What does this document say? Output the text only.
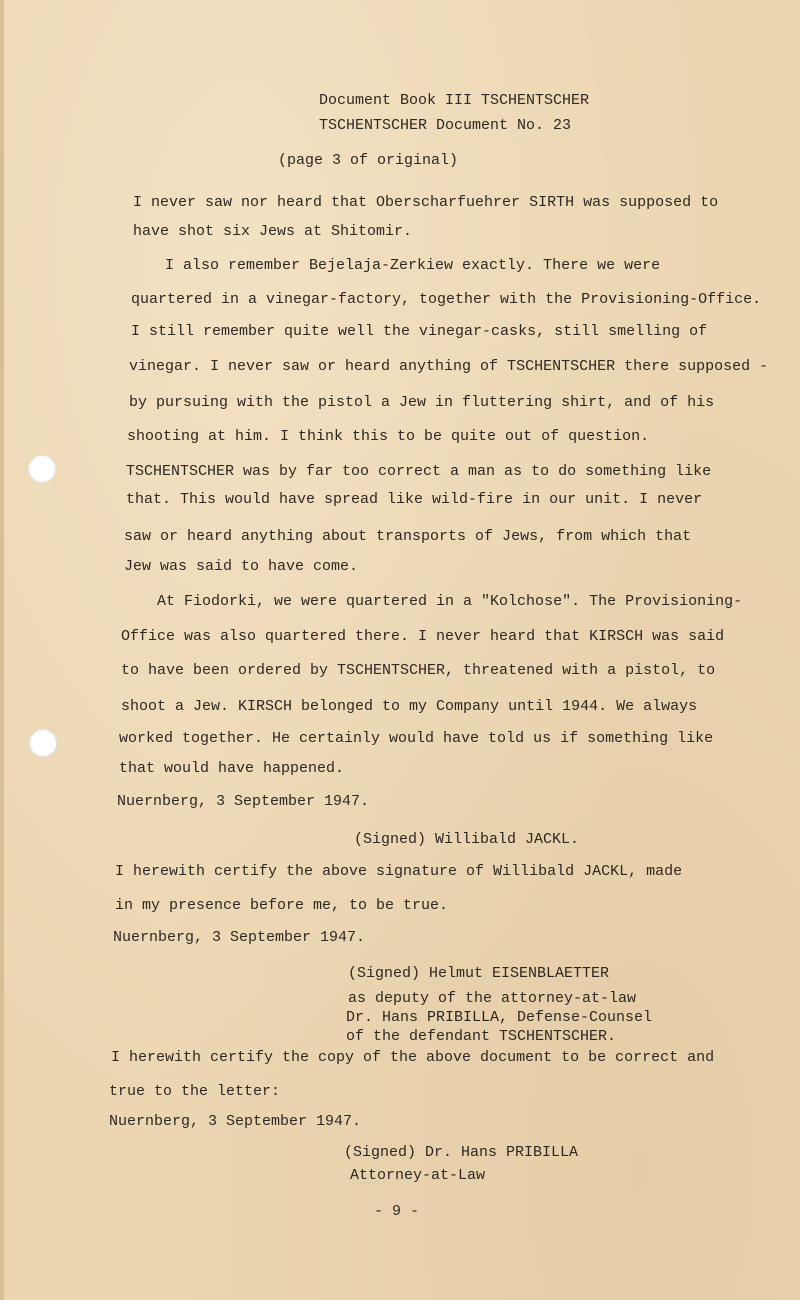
Document Book III TSCHENTSCHER
TSCHENTSCHER Document No. 23
(page 3 of original)
I never saw nor heard that Oberscharfuehrer SIRTH was supposed to
have shot six Jews at Shitomir.
I also remember Bejelaja-Zerkiew exactly. There we were
quartered in a vinegar-factory, together with the Provisioning-Office.
I still remember quite well the vinegar-casks, still smelling of
vinegar. I never saw or heard anything of TSCHENTSCHER there supposed -
by pursuing with the pistol a Jew in fluttering shirt, and of his
shooting at him. I think this to be quite out of question.
TSCHENTSCHER was by far too correct a man as to do something like
that. This would have spread like wild-fire in our unit. I never
saw or heard anything about transports of Jews, from which that
Jew was said to have come.
At Fiodorki, we were quartered in a "Kolchose". The Provisioning-
Office was also quartered there. I never heard that KIRSCH was said
to have been ordered by TSCHENTSCHER, threatened with a pistol, to
shoot a Jew. KIRSCH belonged to my Company until 1944. We always
worked together. He certainly would have told us if something like
that would have happened.
Nuernberg, 3 September 1947.
(Signed) Willibald JACKL.
I herewith certify the above signature of Willibald JACKL, made
in my presence before me, to be true.
Nuernberg, 3 September 1947.
(Signed) Helmut EISENBLAETTER
as deputy of the attorney-at-law
Dr. Hans PRIBILLA, Defense-Counsel
of the defendant TSCHENTSCHER.
I herewith certify the copy of the above document to be correct and
true to the letter:
Nuernberg, 3 September 1947.
(Signed) Dr. Hans PRIBILLA
Attorney-at-Law
- 9 -
